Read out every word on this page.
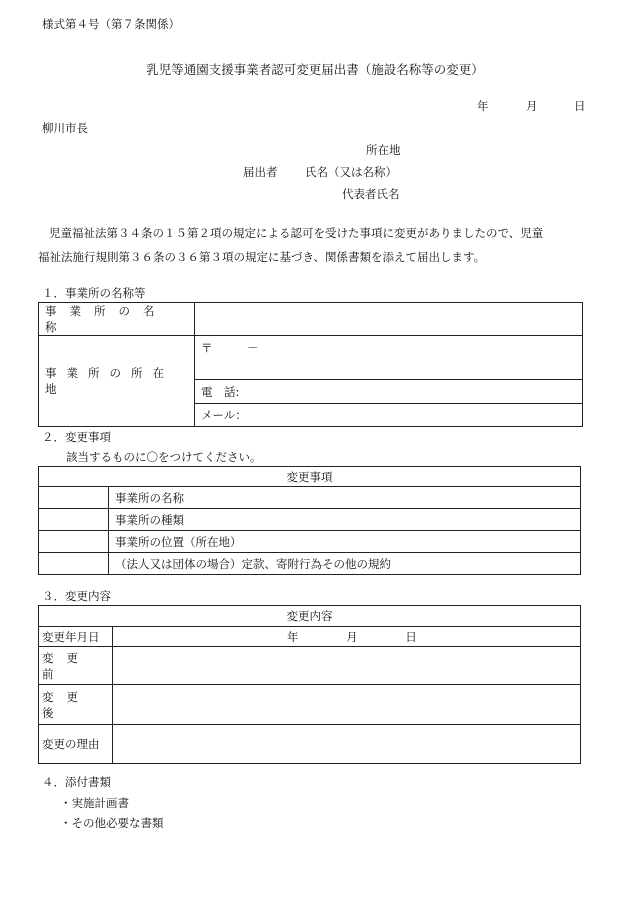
様式第４号（第７条関係）
乳児等通園支援事業者認可変更届出書（施設名称等の変更）
年	月	日
柳川市長
所在地
届出者 氏名（又は名称）
代表者氏名
児童福祉法第３４条の１５第２項の規定による認可を受けた事項に変更がありましたので、児童
福祉法施行規則第３６条の３６第３項の規定に基づき、関係書類を添えて届出します。
１．事業所の名称等
事業所の名称	
事業所の所在地	〒　　　－
	電　話:
	メール：
２．変更事項
該当するものに〇をつけてください。
変更事項	
	事業所の名称
	事業所の種類
	事業所の位置（所在地）
	（法人又は団体の場合）定款、寄附行為その他の規約
３．変更内容
変更内容	
変更年月日	年 月 日
変更前	
変更後	
変更の理由	
４．添付書類
・実施計画書
・その他必要な書類
